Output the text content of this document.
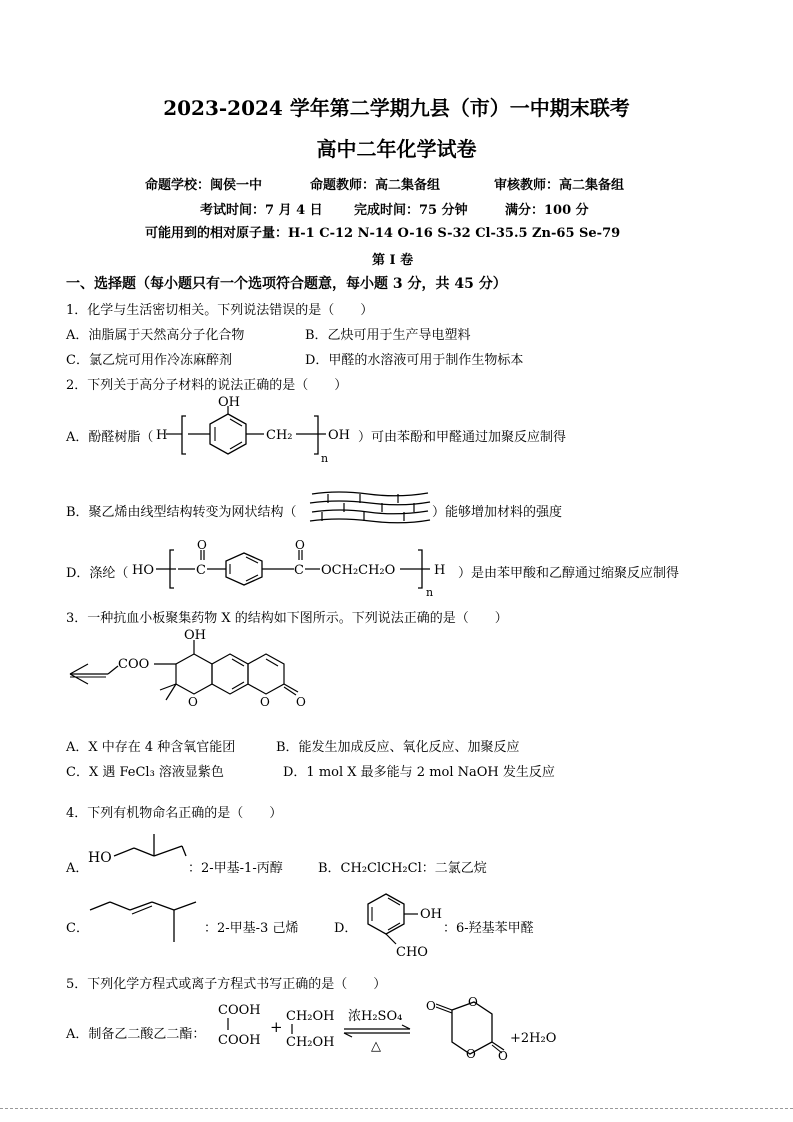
2023-2024 学年第二学期九县（市）一中期末联考
高中二年化学试卷
命题学校：闽侯一中	命题教师：高二集备组	审核教师：高二集备组
考试时间：7 月 4 日 完成时间：75 分钟	满分：100 分
可能用到的相对原子量：H-1 C-12 N-14 O-16 S-32 Cl-35.5 Zn-65 Se-79
第 I 卷
一、选择题（每小题只有一个选项符合题意，每小题 3 分，共 45 分）
1．化学与生活密切相关。下列说法错误的是（　　）
A．油脂属于天然高分子化合物	B．乙炔可用于生产导电塑料
C．氯乙烷可用作冷冻麻醉剂	D．甲醛的水溶液可用于制作生物标本
2．下列关于高分子材料的说法正确的是（　　）
A．酚醛树脂（ H
OH
CH₂
n
OH ）可由苯酚和甲醛通过加聚反应制得
B．聚乙烯由线型结构转变为网状结构（	）能够增加材料的强度
D．涤纶（ HO	C
O
C
O
OCH₂CH₂O
n
H ）是由苯甲酸和乙醇通过缩聚反应制得
3．一种抗血小板聚集药物 X 的结构如下图所示。下列说法正确的是（　　）
COO
OH
O	O O
A．X 中存在 4 种含氧官能团	B．能发生加成反应、氧化反应、加聚反应
C．X 遇 FeCl₃ 溶液显紫色	D．1 mol X 最多能与 2 mol NaOH 发生反应
4．下列有机物命名正确的是（　　）
A．
HO
：2-甲基-1-丙醇	B．CH₂ClCH₂Cl：二氯乙烷
C．	：2-甲基-3 己烯	D．
OH
CHO
：6-羟基苯甲醛
5．下列化学方程式或离子方程式书写正确的是（　　）
A．制备乙二酸乙二酯：
COOH
COOH
+
CH₂OH
CH₂OH
浓H₂SO₄
△
O
O
O
O
+2H₂O
